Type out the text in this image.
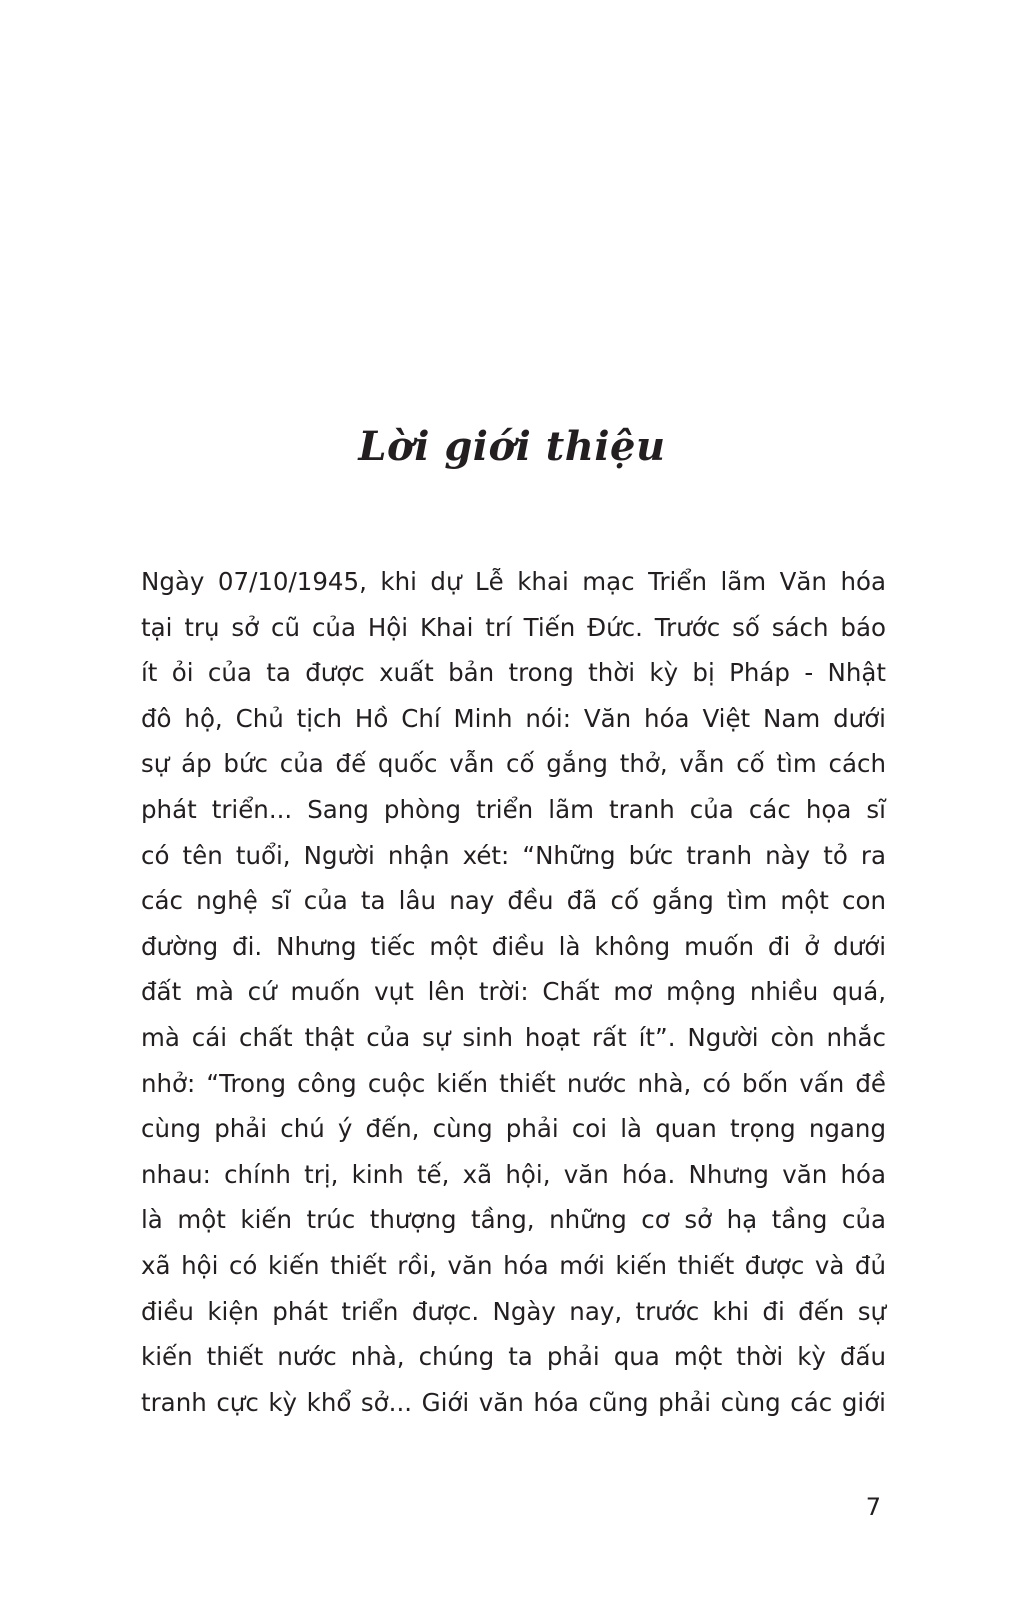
Lời giới thiệu
Ngày 07/10/1945, khi dự Lễ khai mạc Triển lãm Văn hóa
tại trụ sở cũ của Hội Khai trí Tiến Đức. Trước số sách báo
ít ỏi của ta được xuất bản trong thời kỳ bị Pháp - Nhật
đô hộ, Chủ tịch Hồ Chí Minh nói: Văn hóa Việt Nam dưới
sự áp bức của đế quốc vẫn cố gắng thở, vẫn cố tìm cách
phát triển... Sang phòng triển lãm tranh của các họa sĩ
có tên tuổi, Người nhận xét: “Những bức tranh này tỏ ra
các nghệ sĩ của ta lâu nay đều đã cố gắng tìm một con
đường đi. Nhưng tiếc một điều là không muốn đi ở dưới
đất mà cứ muốn vụt lên trời: Chất mơ mộng nhiều quá,
mà cái chất thật của sự sinh hoạt rất ít”. Người còn nhắc
nhở: “Trong công cuộc kiến thiết nước nhà, có bốn vấn đề
cùng phải chú ý đến, cùng phải coi là quan trọng ngang
nhau: chính trị, kinh tế, xã hội, văn hóa. Nhưng văn hóa
là một kiến trúc thượng tầng, những cơ sở hạ tầng của
xã hội có kiến thiết rồi, văn hóa mới kiến thiết được và đủ
điều kiện phát triển được. Ngày nay, trước khi đi đến sự
kiến thiết nước nhà, chúng ta phải qua một thời kỳ đấu
tranh cực kỳ khổ sở... Giới văn hóa cũng phải cùng các giới
7
